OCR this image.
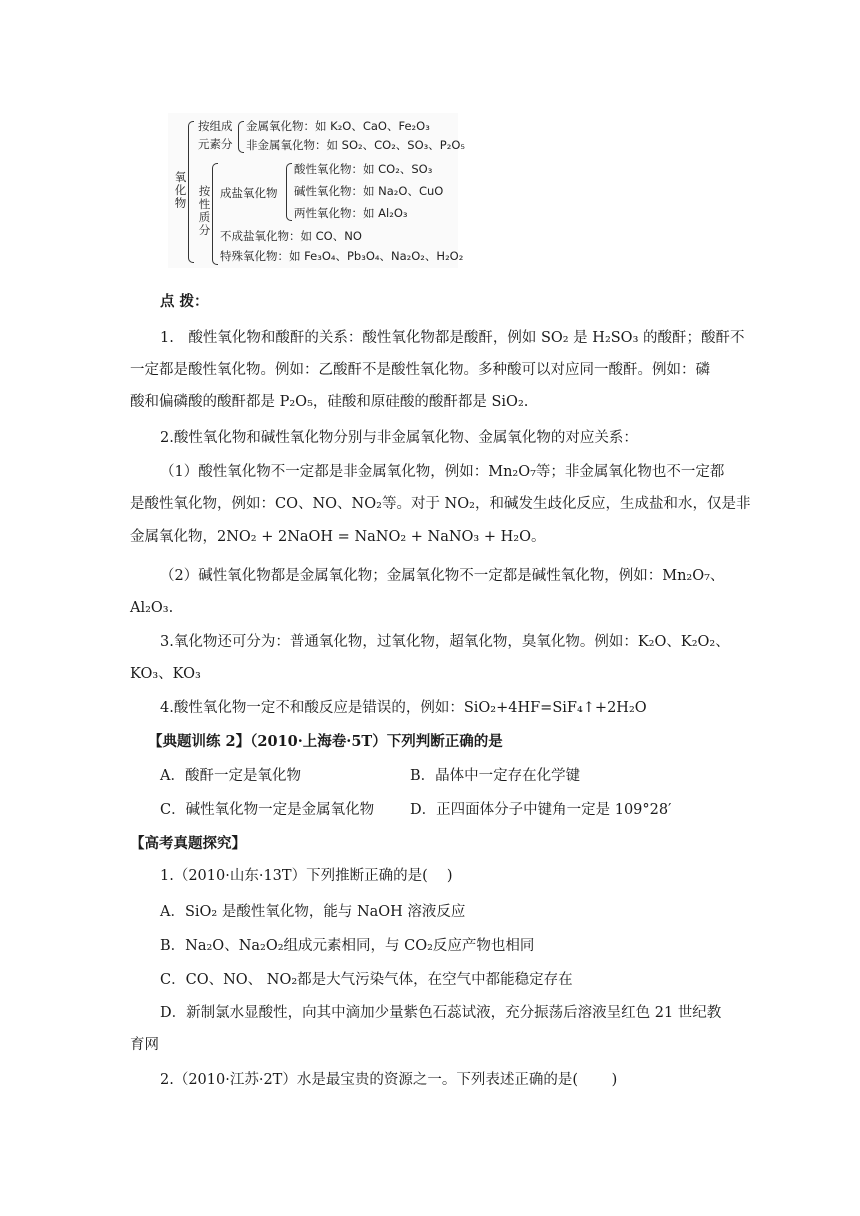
氧化物
按组成
元素分
金属氧化物：如 K₂O、CaO、Fe₂O₃
非金属氧化物：如 SO₂、CO₂、SO₃、P₂O₅
按性质分
成盐氧化物
酸性氧化物：如 CO₂、SO₃
碱性氧化物：如 Na₂O、CuO
两性氧化物：如 Al₂O₃
不成盐氧化物：如 CO、NO
特殊氧化物：如 Fe₃O₄、Pb₃O₄、Na₂O₂、H₂O₂
点 拨：
1.　酸性氧化物和酸酐的关系：酸性氧化物都是酸酐，例如 SO₂ 是 H₂SO₃ 的酸酐；酸酐不
一定都是酸性氧化物。例如：乙酸酐不是酸性氧化物。多种酸可以对应同一酸酐。例如：磷
酸和偏磷酸的酸酐都是 P₂O₅，硅酸和原硅酸的酸酐都是 SiO₂.
2.酸性氧化物和碱性氧化物分别与非金属氧化物、金属氧化物的对应关系：
（1）酸性氧化物不一定都是非金属氧化物，例如：Mn₂O₇等；非金属氧化物也不一定都
是酸性氧化物，例如：CO、NO、NO₂等。对于 NO₂，和碱发生歧化反应，生成盐和水，仅是非
金属氧化物，2NO₂ + 2NaOH = NaNO₂ + NaNO₃ + H₂O。
（2）碱性氧化物都是金属氧化物；金属氧化物不一定都是碱性氧化物，例如：Mn₂O₇、
Al₂O₃.
3.氧化物还可分为：普通氧化物，过氧化物，超氧化物，臭氧化物。例如：K₂O、K₂O₂、
KO₃、KO₃
4.酸性氧化物一定不和酸反应是错误的，例如：SiO₂+4HF=SiF₄↑+2H₂O
【典题训练 2】（2010·上海卷·5T）下列判断正确的是
A．酸酐一定是氧化物	B．晶体中一定存在化学键
C．碱性氧化物一定是金属氧化物 D．正四面体分子中键角一定是 109°28′
【高考真题探究】
1.（2010·山东·13T）下列推断正确的是(　 )
A．SiO₂ 是酸性氧化物，能与 NaOH 溶液反应
B．Na₂O、Na₂O₂组成元素相同，与 CO₂反应产物也相同
C．CO、NO、 NO₂都是大气污染气体，在空气中都能稳定存在
D．新制氯水显酸性，向其中滴加少量紫色石蕊试液，充分振荡后溶液呈红色 21 世纪教
育网
2.（2010·江苏·2T）水是最宝贵的资源之一。下列表述正确的是(　　 )
